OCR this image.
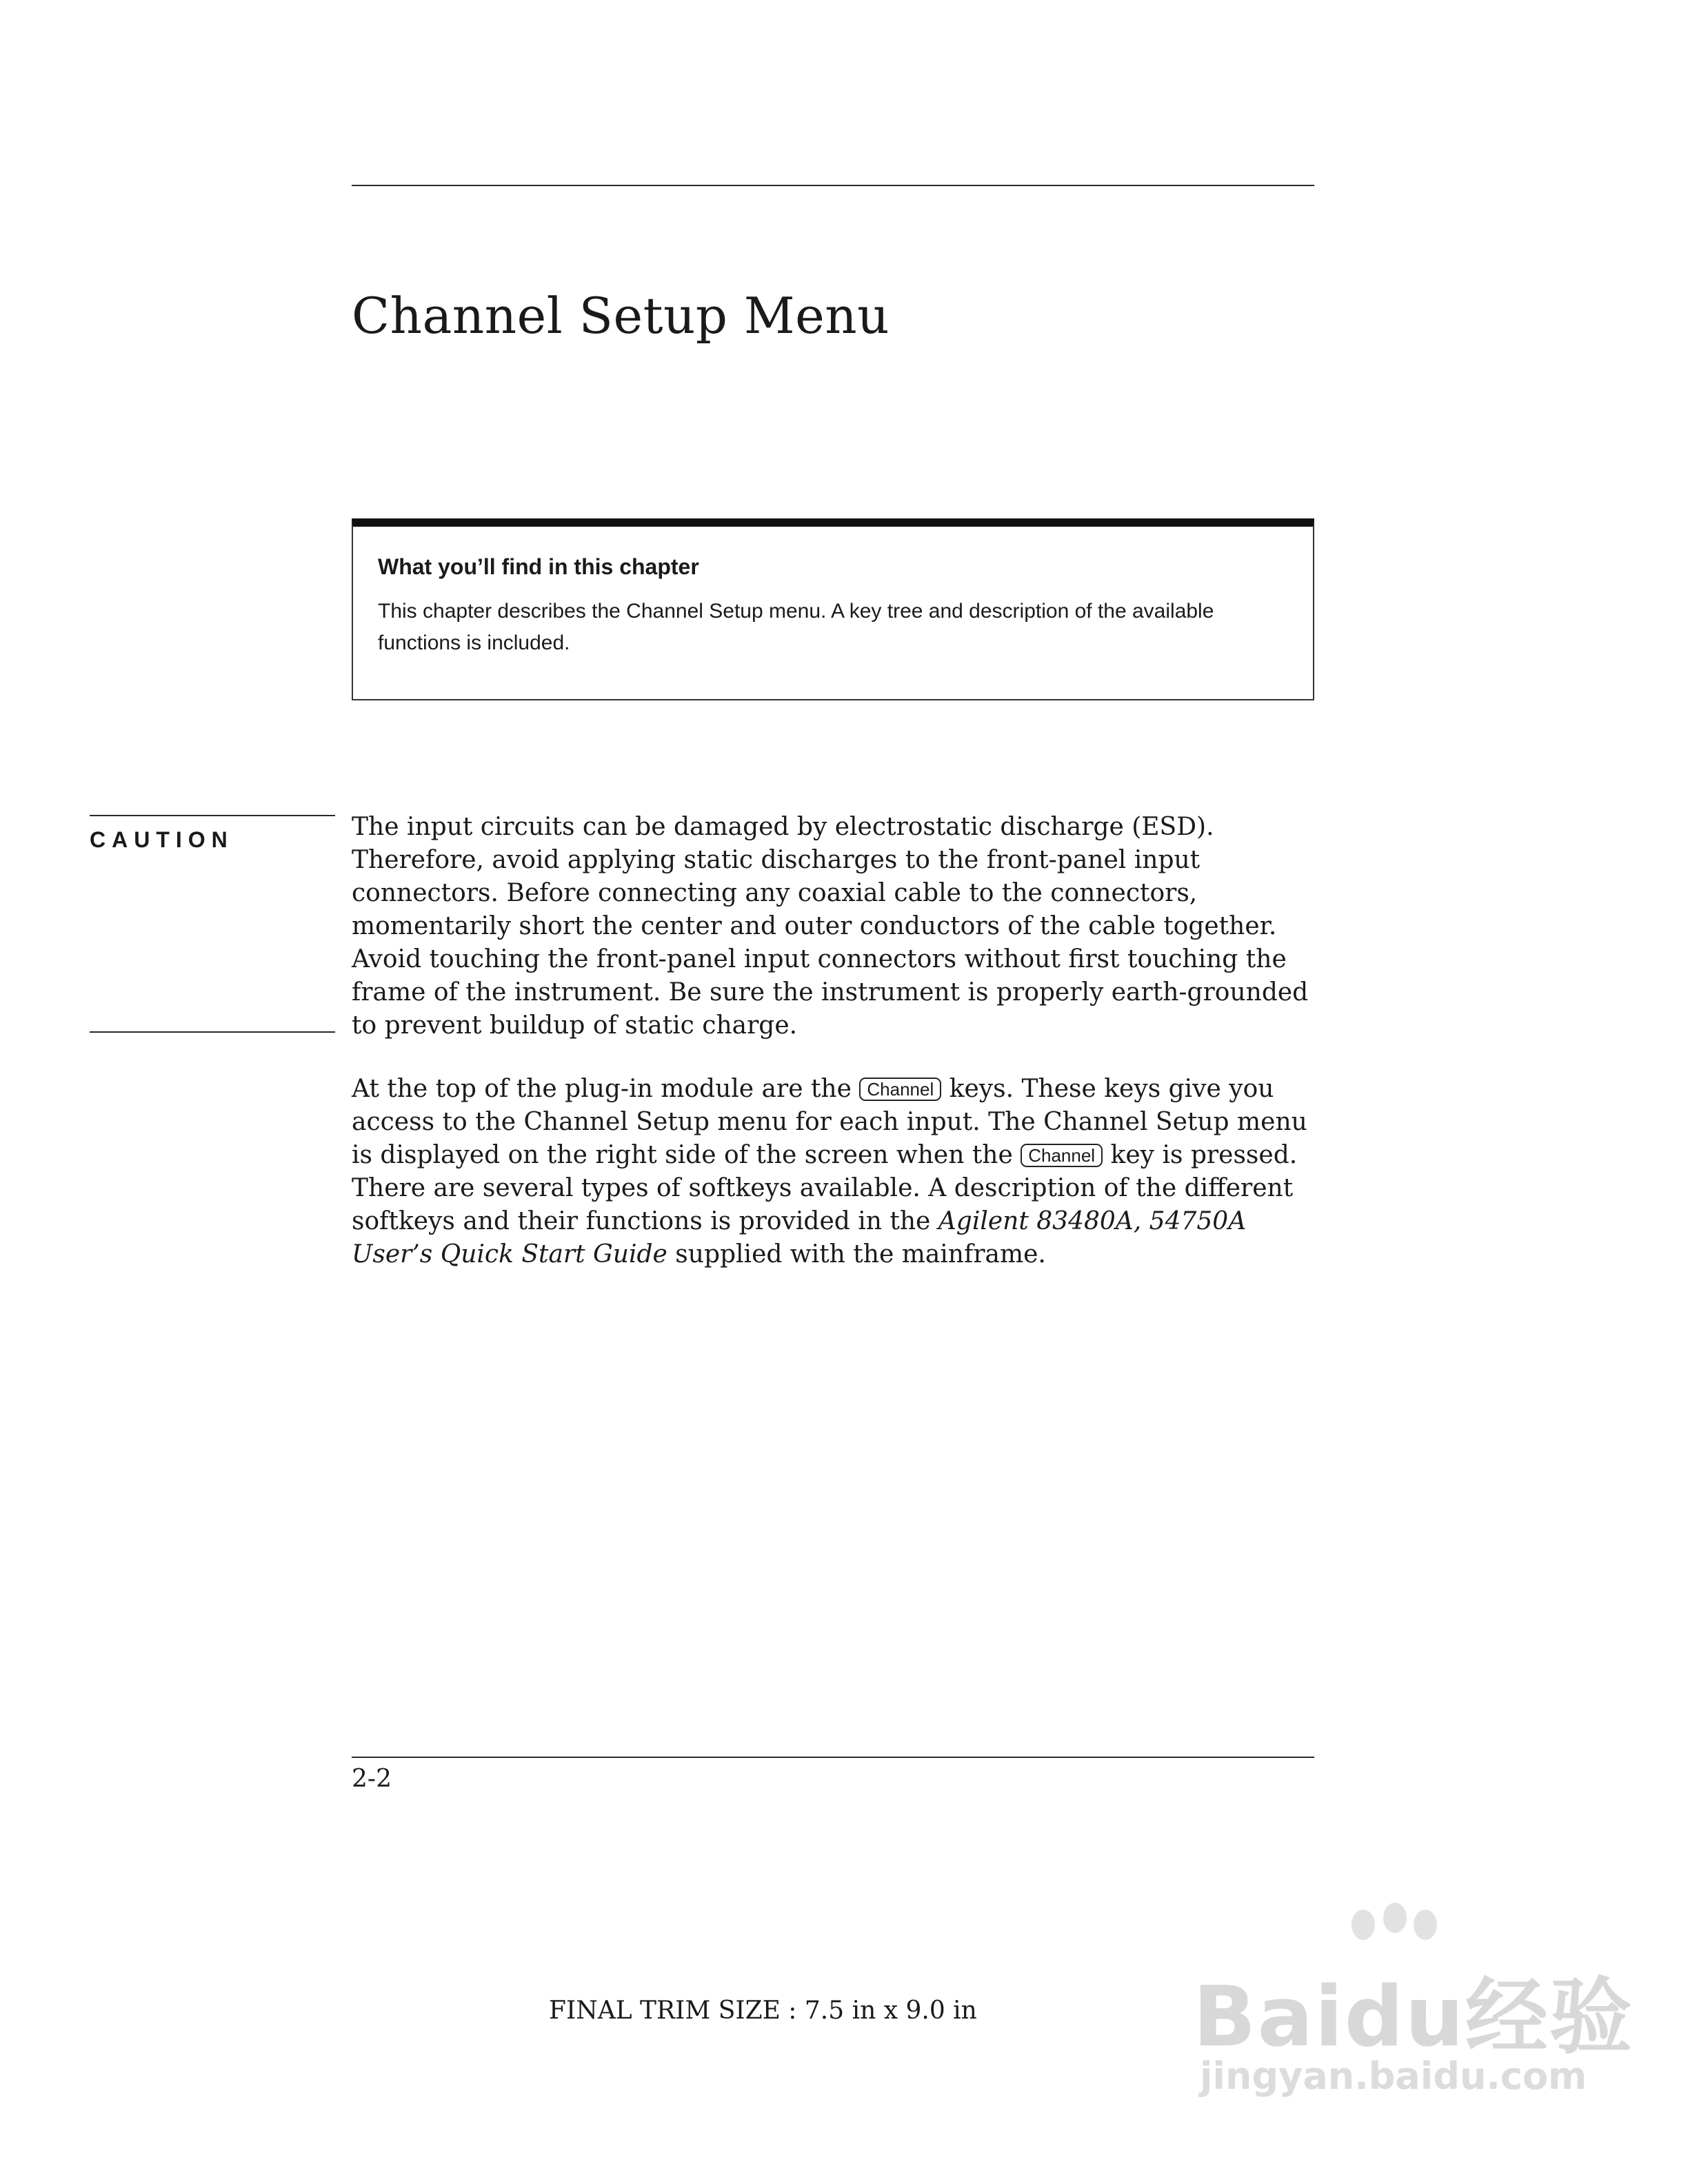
Channel Setup Menu
What you’ll find in this chapter
This chapter describes the Channel Setup menu. A key tree and description of the available functions is included.
CAUTION	The input circuits can be damaged by electrostatic discharge (ESD). Therefore, avoid applying static discharges to the front-panel input connectors. Before connecting any coaxial cable to the connectors, momentarily short the center and outer conductors of the cable together. Avoid touching the front-panel input connectors without first touching the frame of the instrument. Be sure the instrument is properly earth-grounded to prevent buildup of static charge.
At the top of the plug-in module are the Channel keys. These keys give you access to the Channel Setup menu for each input. The Channel Setup menu is displayed on the right side of the screen when the Channel key is pressed. There are several types of softkeys available. A description of the different softkeys and their functions is provided in the Agilent 83480A, 54750A User’s Quick Start Guide supplied with the mainframe.
2-2
FINAL TRIM SIZE : 7.5 in x 9.0 in	Baidu经验
jingyan.baidu.com
